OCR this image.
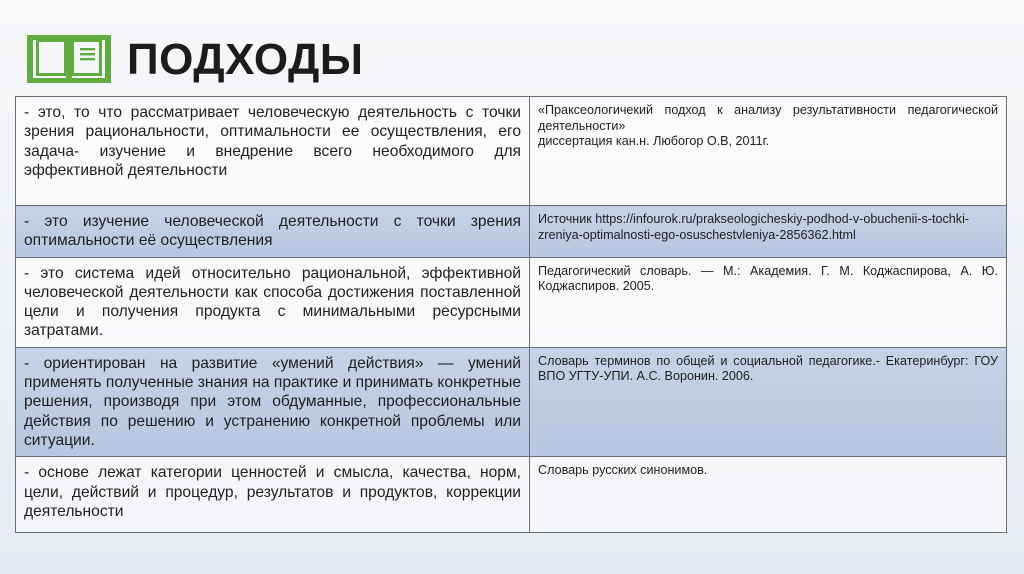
ПОДХОДЫ
- это, то что рассматривает человеческую деятельность с точки зрения рациональности, оптимальности ее осуществления, его задача- изучение и внедрение всего необходимого для эффективной деятельности	«Праксеологичекий подход к анализу результативности педагогической деятельности»
диссертация кан.н. Любогор О.В, 2011г.

- это изучение человеческой деятельности с точки зрения оптимальности её осуществления	Источник https://infourok.ru/prakseologicheskiy-podhod-v-obuchenii-s-tochki-zreniya-optimalnosti-ego-osuschestvleniya-2856362.html

- это система идей относительно рациональной, эффективной человеческой деятельности как способа достижения поставленной цели и получения продукта с минимальными ресурсными затратами.	Педагогический словарь. — М.: Академия. Г. М. Коджаспирова, А. Ю. Коджаспиров. 2005.

- ориентирован на развитие «умений действия» — умений применять полученные знания на практике и принимать конкретные решения, производя при этом обдуманные, профессиональные действия по решению и устранению конкретной проблемы или ситуации.	Словарь терминов по общей и социальной педагогике.- Екатеринбург: ГОУ ВПО УГТУ-УПИ. А.С. Воронин. 2006.

- основе лежат категории ценностей и смысла, качества, норм, цели, действий и процедур, результатов и продуктов, коррекции деятельности	Словарь русских синонимов.
